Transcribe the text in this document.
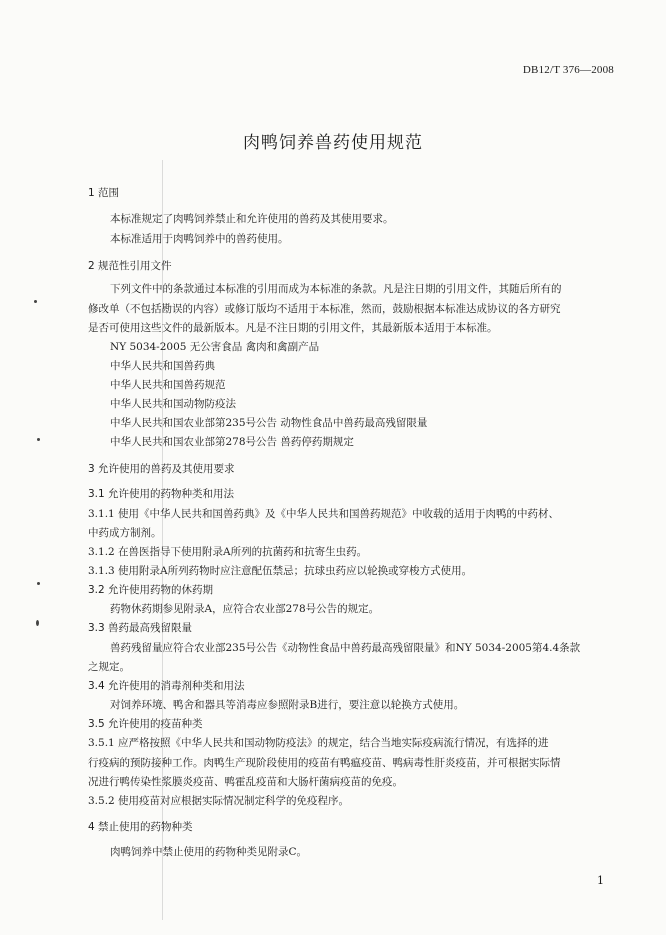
DB12/T 376—2008
肉鸭饲养兽药使用规范
1 范围
本标准规定了肉鸭饲养禁止和允许使用的兽药及其使用要求。
本标准适用于肉鸭饲养中的兽药使用。
2 规范性引用文件
下列文件中的条款通过本标准的引用而成为本标准的条款。凡是注日期的引用文件，其随后所有的
修改单（不包括勘误的内容）或修订版均不适用于本标准，然而，鼓励根据本标准达成协议的各方研究
是否可使用这些文件的最新版本。凡是不注日期的引用文件，其最新版本适用于本标准。
NY 5034-2005 无公害食品 禽肉和禽副产品
中华人民共和国兽药典
中华人民共和国兽药规范
中华人民共和国动物防疫法
中华人民共和国农业部第235号公告 动物性食品中兽药最高残留限量
中华人民共和国农业部第278号公告 兽药停药期规定
3 允许使用的兽药及其使用要求
3.1 允许使用的药物种类和用法
3.1.1 使用《中华人民共和国兽药典》及《中华人民共和国兽药规范》中收载的适用于肉鸭的中药材、
中药成方制剂。
3.1.2 在兽医指导下使用附录A所列的抗菌药和抗寄生虫药。
3.1.3 使用附录A所列药物时应注意配伍禁忌；抗球虫药应以轮换或穿梭方式使用。
3.2 允许使用药物的休药期
药物休药期参见附录A，应符合农业部278号公告的规定。
3.3 兽药最高残留限量
兽药残留量应符合农业部235号公告《动物性食品中兽药最高残留限量》和NY 5034-2005第4.4条款
之规定。
3.4 允许使用的消毒剂种类和用法
对饲养环境、鸭舍和器具等消毒应参照附录B进行，要注意以轮换方式使用。
3.5 允许使用的疫苗种类
3.5.1 应严格按照《中华人民共和国动物防疫法》的规定，结合当地实际疫病流行情况，有选择的进
行疫病的预防接种工作。肉鸭生产现阶段使用的疫苗有鸭瘟疫苗、鸭病毒性肝炎疫苗，并可根据实际情
况进行鸭传染性浆膜炎疫苗、鸭霍乱疫苗和大肠杆菌病疫苗的免疫。
3.5.2 使用疫苗对应根据实际情况制定科学的免疫程序。
4 禁止使用的药物种类
肉鸭饲养中禁止使用的药物种类见附录C。
1
